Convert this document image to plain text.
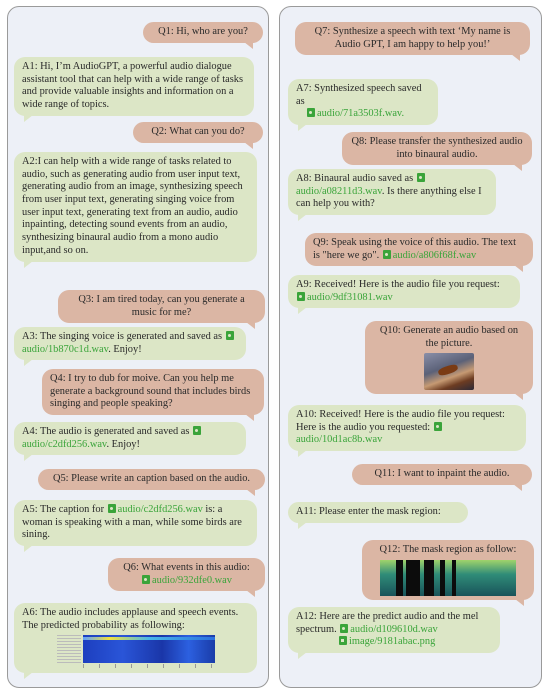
Q1: Hi, who are you?
A1: Hi, I’m AudioGPT, a powerful audio dialogue assistant tool that can help with a wide range of tasks and provide valuable insights and information on a wide range of topics.
Q2: What can you do?
A2:I can help with a wide range of tasks related to audio, such as generating audio from user input text, generating audio from an image, synthesizing speech from user input text, generating singing voice from user input text, generating text from an audio, audio inpainting, detecting sound events from an audio, synthesizing binaural audio from a mono audio input,and so on.
Q3: I am tired today, can you generate a music for me?
A3: The singing voice is generated and saved as audio/1b870c1d.wav. Enjoy!
Q4: I try to dub for moive. Can you help me generate a background sound that includes birds singing and people speaking?
A4: The audio is generated and saved as audio/c2dfd256.wav. Enjoy!
Q5: Please write an caption based on the audio.
A5: The caption for audio/c2dfd256.wav is: a woman is speaking with a man, while some birds are sining.
Q6: What events in this audio:
audio/932dfe0.wav
A6: The audio includes applause and speech events. The predicted probability as following:
Q7: Synthesize a speech with text ‘My name is Audio GPT, I am happy to help you!’
A7: Synthesized speech saved as
audio/71a3503f.wav.
Q8: Please transfer the synthesized audio into binaural audio.
A8: Binaural audio saved as audio/a08211d3.wav. Is there anything else I can help you with?
Q9: Speak using the voice of this audio. The text is "here we go". audio/a806f68f.wav
A9: Received! Here is the audio file you request: audio/9df31081.wav
Q10: Generate an audio based on the picture.
A10: Received! Here is the audio file you request: Here is the audio you requested: audio/10d1ac8b.wav
Q11: I want to inpaint the audio.
A11: Please enter the mask region:
Q12: The mask region as follow:
A12: Here are the predict audio and the mel spectrum. audio/d109610d.wav
image/9181abac.png
